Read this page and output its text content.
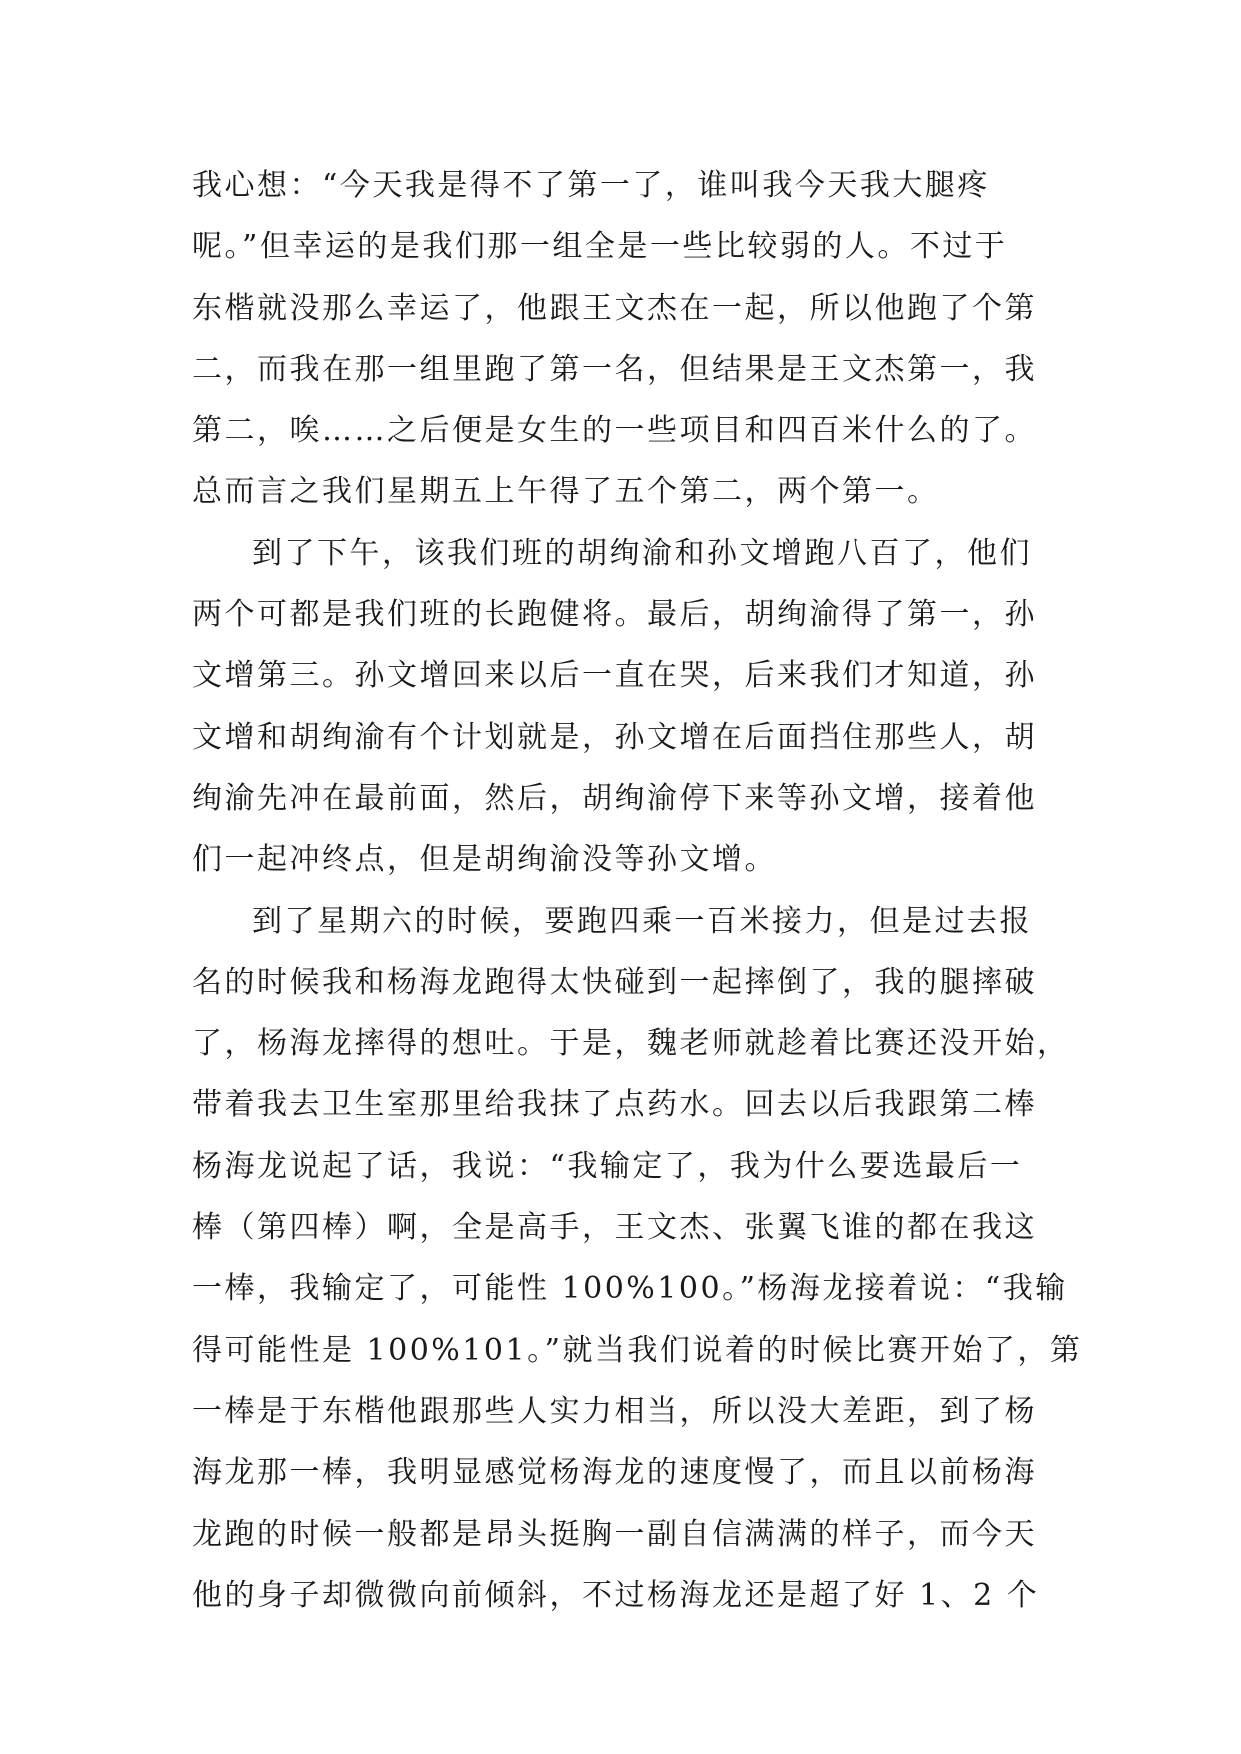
我心想：“今天我是得不了第一了，谁叫我今天我大腿疼
呢。”但幸运的是我们那一组全是一些比较弱的人。不过于
东楷就没那么幸运了，他跟王文杰在一起，所以他跑了个第
二，而我在那一组里跑了第一名，但结果是王文杰第一，我
第二，唉……之后便是女生的一些项目和四百米什么的了。
总而言之我们星期五上午得了五个第二，两个第一。
到了下午，该我们班的胡绚渝和孙文增跑八百了，他们
两个可都是我们班的长跑健将。最后，胡绚渝得了第一，孙
文增第三。孙文增回来以后一直在哭，后来我们才知道，孙
文增和胡绚渝有个计划就是，孙文增在后面挡住那些人，胡
绚渝先冲在最前面，然后，胡绚渝停下来等孙文增，接着他
们一起冲终点，但是胡绚渝没等孙文增。
到了星期六的时候，要跑四乘一百米接力，但是过去报
名的时候我和杨海龙跑得太快碰到一起摔倒了，我的腿摔破
了，杨海龙摔得的想吐。于是，魏老师就趁着比赛还没开始，
带着我去卫生室那里给我抹了点药水。回去以后我跟第二棒
杨海龙说起了话，我说：“我输定了，我为什么要选最后一
棒（第四棒）啊，全是高手，王文杰、张翼飞谁的都在我这
一棒，我输定了，可能性 100%100。”杨海龙接着说：“我输
得可能性是 100%101。”就当我们说着的时候比赛开始了，第
一棒是于东楷他跟那些人实力相当，所以没大差距，到了杨
海龙那一棒，我明显感觉杨海龙的速度慢了，而且以前杨海
龙跑的时候一般都是昂头挺胸一副自信满满的样子，而今天
他的身子却微微向前倾斜，不过杨海龙还是超了好 1、2 个
